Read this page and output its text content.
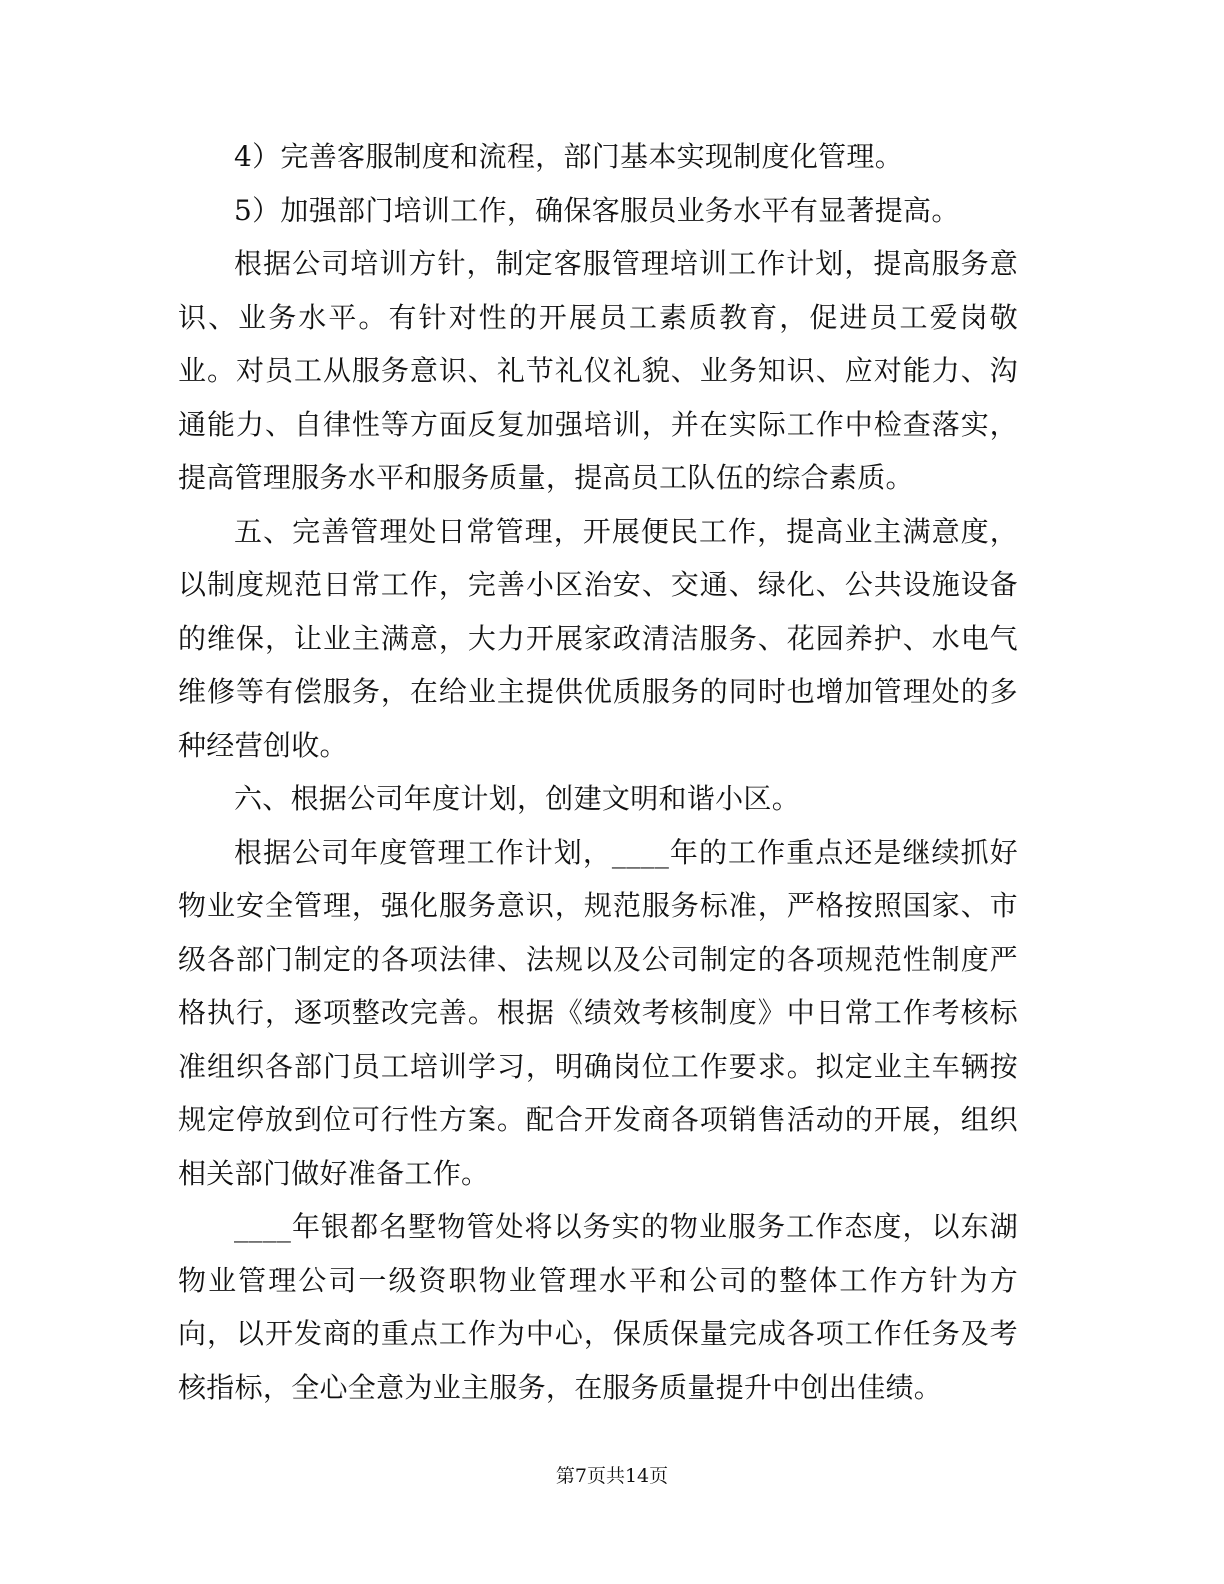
4）完善客服制度和流程，部门基本实现制度化管理。

5）加强部门培训工作，确保客服员业务水平有显著提高。

根据公司培训方针，制定客服管理培训工作计划，提高服务意识、业务水平。有针对性的开展员工素质教育，促进员工爱岗敬业。对员工从服务意识、礼节礼仪礼貌、业务知识、应对能力、沟通能力、自律性等方面反复加强培训，并在实际工作中检查落实，提高管理服务水平和服务质量，提高员工队伍的综合素质。

五、完善管理处日常管理，开展便民工作，提高业主满意度，以制度规范日常工作，完善小区治安、交通、绿化、公共设施设备的维保，让业主满意，大力开展家政清洁服务、花园养护、水电气维修等有偿服务，在给业主提供优质服务的同时也增加管理处的多种经营创收。

六、根据公司年度计划，创建文明和谐小区。

根据公司年度管理工作计划，____年的工作重点还是继续抓好物业安全管理，强化服务意识，规范服务标准，严格按照国家、市级各部门制定的各项法律、法规以及公司制定的各项规范性制度严格执行，逐项整改完善。根据《绩效考核制度》中日常工作考核标准组织各部门员工培训学习，明确岗位工作要求。拟定业主车辆按规定停放到位可行性方案。配合开发商各项销售活动的开展，组织相关部门做好准备工作。

____年银都名墅物管处将以务实的物业服务工作态度，以东湖物业管理公司一级资职物业管理水平和公司的整体工作方针为方向，以开发商的重点工作为中心，保质保量完成各项工作任务及考核指标，全心全意为业主服务，在服务质量提升中创出佳绩。

第7页共14页
